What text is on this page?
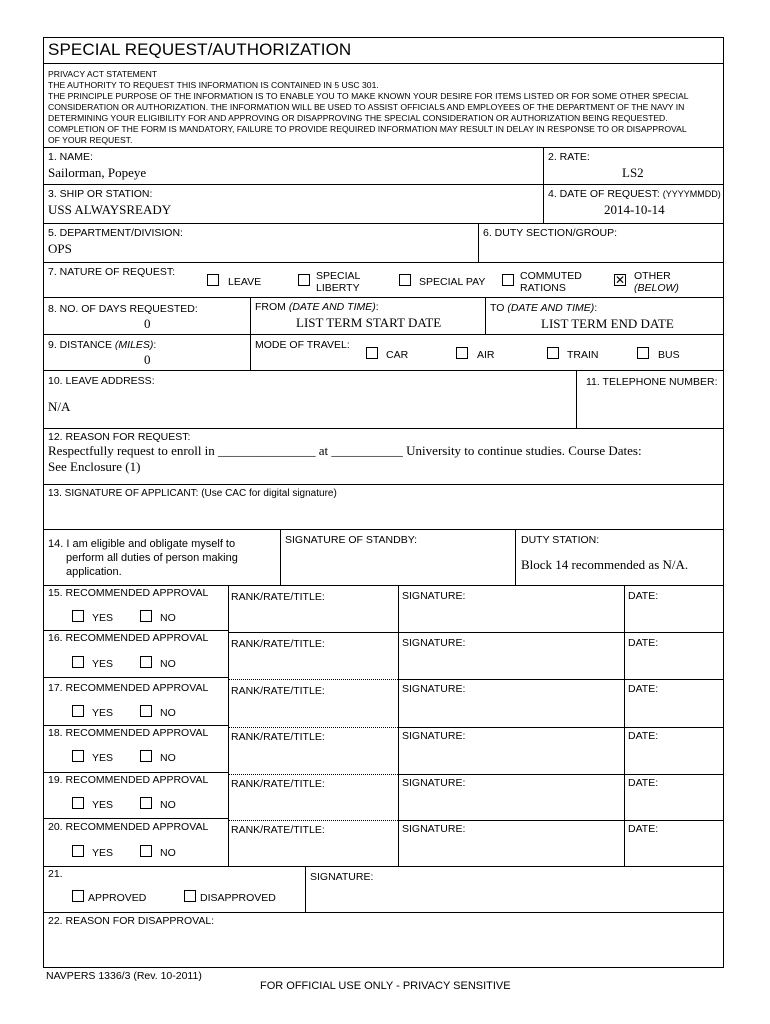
SPECIAL REQUEST/AUTHORIZATION
PRIVACY ACT STATEMENT
THE AUTHORITY TO REQUEST THIS INFORMATION IS CONTAINED IN 5 USC 301.
THE PRINCIPLE PURPOSE OF THE INFORMATION IS TO ENABLE YOU TO MAKE KNOWN YOUR DESIRE FOR ITEMS LISTED OR FOR SOME OTHER SPECIAL
CONSIDERATION OR AUTHORIZATION. THE INFORMATION WILL BE USED TO ASSIST OFFICIALS AND EMPLOYEES OF THE DEPARTMENT OF THE NAVY IN
DETERMINING YOUR ELIGIBILITY FOR AND APPROVING OR DISAPPROVING THE SPECIAL CONSIDERATION OR AUTHORIZATION BEING REQUESTED.
COMPLETION OF THE FORM IS MANDATORY, FAILURE TO PROVIDE REQUIRED INFORMATION MAY RESULT IN DELAY IN RESPONSE TO OR DISAPPROVAL
OF YOUR REQUEST.
1. NAME:
Sailorman, Popeye
2. RATE:
LS2
3. SHIP OR STATION:
USS ALWAYSREADY
4. DATE OF REQUEST: (YYYYMMDD)
2014-10-14
5. DEPARTMENT/DIVISION:
OPS
6. DUTY SECTION/GROUP:
7. NATURE OF REQUEST:
LEAVE	SPECIAL
LIBERTY	SPECIAL PAY	COMMUTED
RATIONS
✕ OTHER
(BELOW)
8. NO. OF DAYS REQUESTED:
0
FROM (DATE AND TIME):
LIST TERM START DATE
TO (DATE AND TIME):
LIST TERM END DATE
9. DISTANCE (MILES):
0
MODE OF TRAVEL:
CAR	AIR	TRAIN	BUS
10. LEAVE ADDRESS:
N/A
11. TELEPHONE NUMBER:
12. REASON FOR REQUEST:
Respectfully request to enroll in _______________ at ___________ University to continue studies. Course Dates:
See Enclosure (1)
13. SIGNATURE OF APPLICANT: (Use CAC for digital signature)
14. I am eligible and obligate myself to
perform all duties of person making
application.
SIGNATURE OF STANDBY:	DUTY STATION:
Block 14 recommended as N/A.
15. RECOMMENDED APPROVAL
YES	NO
RANK/RATE/TITLE:	SIGNATURE:	DATE:
16. RECOMMENDED APPROVAL
YES	NO
RANK/RATE/TITLE:	SIGNATURE:	DATE:
17. RECOMMENDED APPROVAL
YES	NO
RANK/RATE/TITLE:	SIGNATURE:	DATE:
18. RECOMMENDED APPROVAL
YES	NO
RANK/RATE/TITLE:	SIGNATURE:	DATE:
19. RECOMMENDED APPROVAL
YES	NO
RANK/RATE/TITLE:	SIGNATURE:	DATE:
20. RECOMMENDED APPROVAL
YES	NO
RANK/RATE/TITLE:	SIGNATURE:	DATE:
21.
APPROVED	DISAPPROVED
SIGNATURE:
22. REASON FOR DISAPPROVAL:
NAVPERS 1336/3 (Rev. 10-2011)
FOR OFFICIAL USE ONLY - PRIVACY SENSITIVE
